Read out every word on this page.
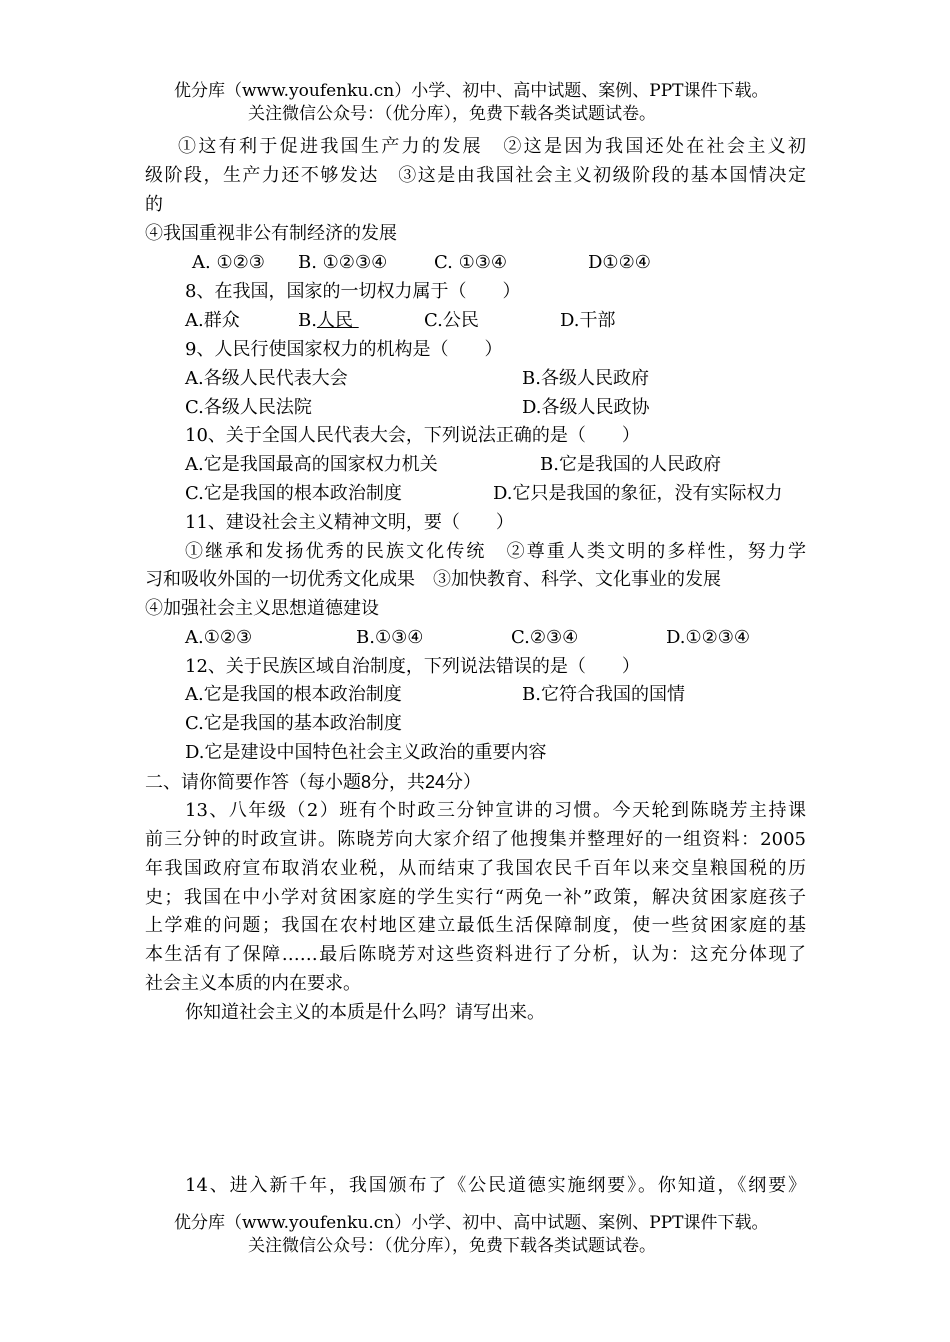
优分库（www.youfenku.cn）小学、初中、高中试题、案例、PPT课件下载。
关注微信公众号：（优分库），免费下载各类试题试卷。
①这有利于促进我国生产力的发展　②这是因为我国还处在社会主义初
级阶段，生产力还不够发达　③这是由我国社会主义初级阶段的基本国情决定
的
④我国重视非公有制经济的发展
A. ①②③ B. ①②③④	C. ①③④	D①②④
8、在我国，国家的一切权力属于（　　）
A.群众	B.人民	C.公民	D.干部
9、人民行使国家权力的机构是（　　）
A.各级人民代表大会	B.各级人民政府
C.各级人民法院	D.各级人民政协
10、关于全国人民代表大会，下列说法正确的是（　　）
A.它是我国最高的国家权力机关	B.它是我国的人民政府
C.它是我国的根本政治制度	D.它只是我国的象征，没有实际权力
11、建设社会主义精神文明，要（　　）
①继承和发扬优秀的民族文化传统　②尊重人类文明的多样性，努力学
习和吸收外国的一切优秀文化成果　③加快教育、科学、文化事业的发展
④加强社会主义思想道德建设
A.①②③	B.①③④	C.②③④	D.①②③④
12、关于民族区域自治制度，下列说法错误的是（　　）
A.它是我国的根本政治制度	B.它符合我国的国情
C.它是我国的基本政治制度
D.它是建设中国特色社会主义政治的重要内容
二、请你简要作答（每小题8分，共24分）
13、八年级（2）班有个时政三分钟宣讲的习惯。今天轮到陈晓芳主持课
前三分钟的时政宣讲。陈晓芳向大家介绍了他搜集并整理好的一组资料：2005
年我国政府宣布取消农业税，从而结束了我国农民千百年以来交皇粮国税的历
史；我国在中小学对贫困家庭的学生实行“两免一补”政策，解决贫困家庭孩子
上学难的问题；我国在农村地区建立最低生活保障制度，使一些贫困家庭的基
本生活有了保障……最后陈晓芳对这些资料进行了分析，认为：这充分体现了
社会主义本质的内在要求。
你知道社会主义的本质是什么吗？请写出来。
14、进入新千年，我国颁布了《公民道德实施纲要》。你知道，《纲要》
优分库（www.youfenku.cn）小学、初中、高中试题、案例、PPT课件下载。
关注微信公众号：（优分库），免费下载各类试题试卷。
